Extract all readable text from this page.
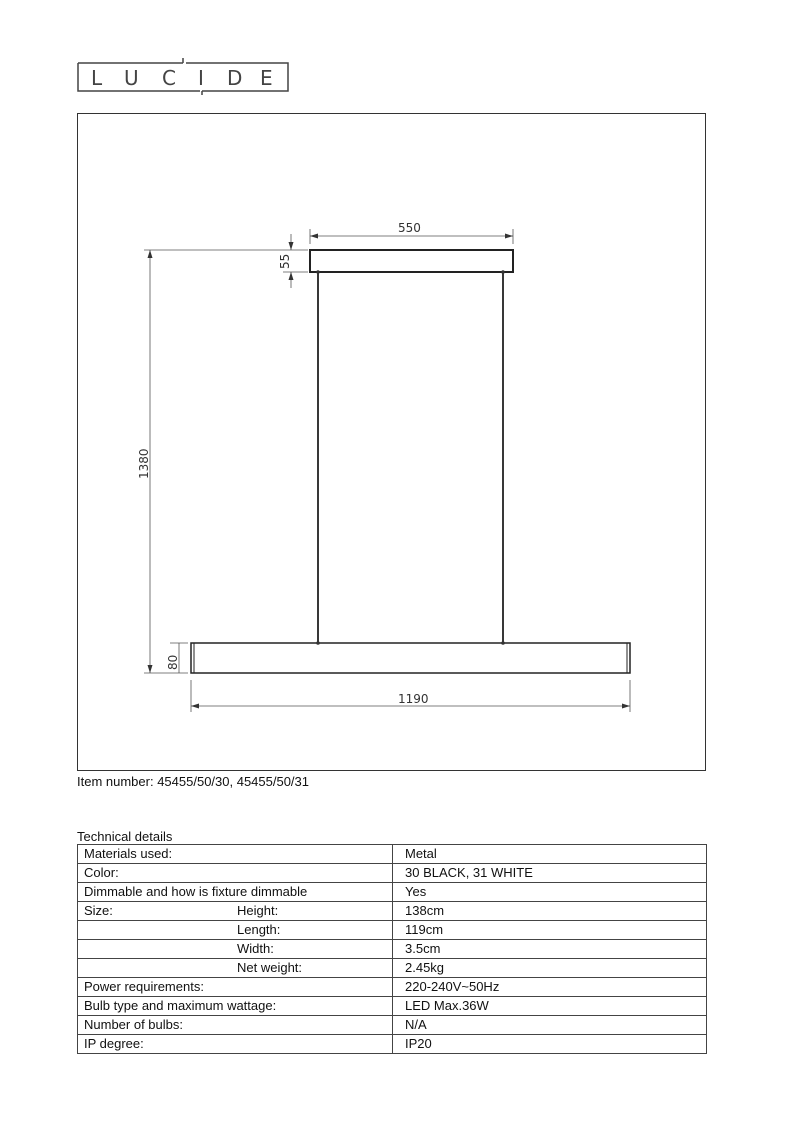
L U C I D E
550
55
1380
80
1190
Item number: 45455/50/30, 45455/50/31
Technical details
Materials used:	Metal
Color:	30 BLACK, 31 WHITE
Dimmable and how is fixture dimmable	Yes
Size: Height:	138cm

Length:	119cm

Width:	3.5cm

Net weight:	2.45kg
Power requirements:	220-240V~50Hz
Bulb type and maximum wattage:	LED Max.36W
Number of bulbs:	N/A
IP degree:	IP20
